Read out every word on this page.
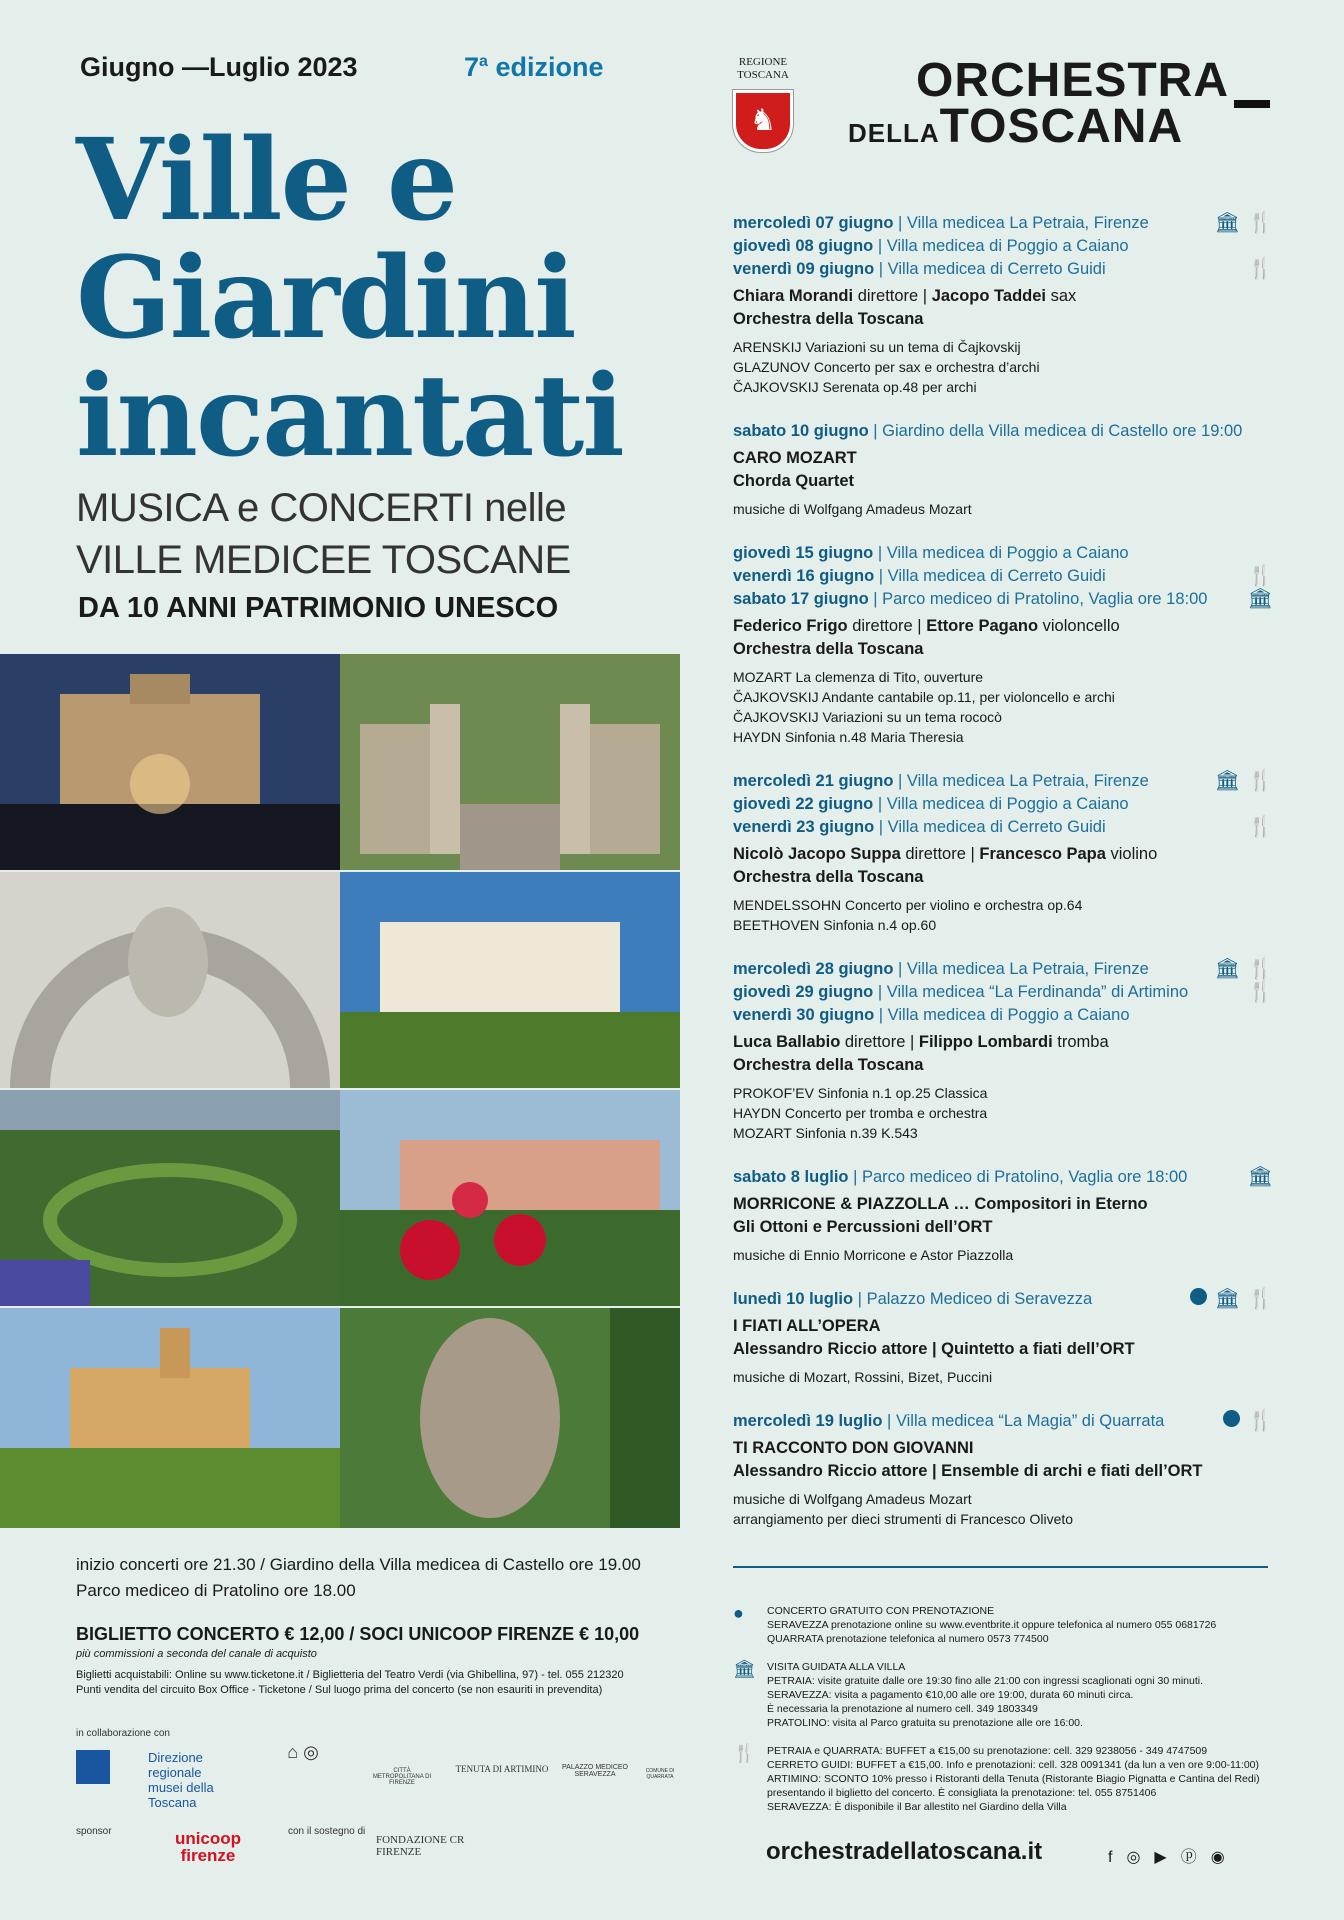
Giugno —Luglio 2023	7$^a$ edizione
Ville e
Giardini
incantati
MUSICA e CONCERTI nelle
VILLE MEDICEE TOSCANE
DA 10 ANNI PATRIMONIO UNESCO
REGIONE
TOSCANA
♞
ORCHESTRA
DELLATOSCANA
mercoledì 07 giugno | Villa medicea La Petraia, Firenze	🏛 🍴
giovedì 08 giugno | Villa medicea di Poggio a Caiano
venerdì 09 giugno | Villa medicea di Cerreto Guidi	🍴
Chiara Morandi direttore | Jacopo Taddei sax
Orchestra della Toscana
ARENSKIJ Variazioni su un tema di Čajkovskij
GLAZUNOV Concerto per sax e orchestra d’archi
ČAJKOVSKIJ Serenata op.48 per archi
sabato 10 giugno | Giardino della Villa medicea di Castello ore 19:00
CARO MOZART
Chorda Quartet
musiche di Wolfgang Amadeus Mozart
giovedì 15 giugno | Villa medicea di Poggio a Caiano
venerdì 16 giugno | Villa medicea di Cerreto Guidi	🍴
sabato 17 giugno | Parco mediceo di Pratolino, Vaglia ore 18:00	🏛
Federico Frigo direttore | Ettore Pagano violoncello
Orchestra della Toscana
MOZART La clemenza di Tito, ouverture
ČAJKOVSKIJ Andante cantabile op.11, per violoncello e archi
ČAJKOVSKIJ Variazioni su un tema rococò
HAYDN Sinfonia n.48 Maria Theresia
mercoledì 21 giugno | Villa medicea La Petraia, Firenze	🏛 🍴
giovedì 22 giugno | Villa medicea di Poggio a Caiano
venerdì 23 giugno | Villa medicea di Cerreto Guidi	🍴
Nicolò Jacopo Suppa direttore | Francesco Papa violino
Orchestra della Toscana
MENDELSSOHN Concerto per violino e orchestra op.64
BEETHOVEN Sinfonia n.4 op.60
mercoledì 28 giugno | Villa medicea La Petraia, Firenze	🏛 🍴
giovedì 29 giugno | Villa medicea “La Ferdinanda” di Artimino	🍴
venerdì 30 giugno | Villa medicea di Poggio a Caiano
Luca Ballabio direttore | Filippo Lombardi tromba
Orchestra della Toscana
PROKOF’EV Sinfonia n.1 op.25 Classica
HAYDN Concerto per tromba e orchestra
MOZART Sinfonia n.39 K.543
sabato 8 luglio | Parco mediceo di Pratolino, Vaglia ore 18:00	🏛
MORRICONE & PIAZZOLLA … Compositori in Eterno
Gli Ottoni e Percussioni dell’ORT
musiche di Ennio Morricone e Astor Piazzolla
lunedì 10 luglio | Palazzo Mediceo di Seravezza	🏛 🍴
I FIATI ALL’OPERA
Alessandro Riccio attore | Quintetto a fiati dell’ORT
musiche di Mozart, Rossini, Bizet, Puccini
mercoledì 19 luglio | Villa medicea “La Magia” di Quarrata	🍴
TI RACCONTO DON GIOVANNI
Alessandro Riccio attore | Ensemble di archi e fiati dell’ORT
musiche di Wolfgang Amadeus Mozart
arrangiamento per dieci strumenti di Francesco Oliveto
● CONCERTO GRATUITO CON PRENOTAZIONE
SERAVEZZA prenotazione online su www.eventbrite.it oppure telefonica al numero 055 0681726
QUARRATA prenotazione telefonica al numero 0573 774500
🏛 VISITA GUIDATA ALLA VILLA
PETRAIA: visite gratuite dalle ore 19:30 fino alle 21:00 con ingressi scaglionati ogni 30 minuti.
SERAVEZZA: visita a pagamento €10,00 alle ore 19:00, durata 60 minuti circa.
È necessaria la prenotazione al numero cell. 349 1803349
PRATOLINO: visita al Parco gratuita su prenotazione alle ore 16:00.
🍴 PETRAIA e QUARRATA: BUFFET a €15,00 su prenotazione: cell. 329 9238056 - 349 4747509
CERRETO GUIDI: BUFFET a €15,00. Info e prenotazioni: cell. 328 0091341 (da lun a ven ore 9:00-11:00)
ARTIMINO: SCONTO 10% presso i Ristoranti della Tenuta (Ristorante Biagio Pignatta e Cantina del Redi)
presentando il biglietto del concerto. È consigliata la prenotazione: tel. 055 8751406
SERAVEZZA: È disponibile il Bar allestito nel Giardino della Villa
orchestradellatoscana.it	f◎▶ⓟ◉
inizio concerti ore 21.30 / Giardino della Villa medicea di Castello ore 19.00
Parco mediceo di Pratolino ore 18.00
BIGLIETTO CONCERTO € 12,00 / SOCI UNICOOP FIRENZE € 10,00
più commissioni a seconda del canale di acquisto
Biglietti acquistabili: Online su www.ticketone.it / Biglietteria del Teatro Verdi (via Ghibellina, 97) - tel. 055 212320
Punti vendita del circuito Box Office - Ticketone / Sul luogo prima del concerto (se non esauriti in prevendita)
in collaborazione con
Direzione regionale musei della Toscana
⌂ ◎
CITTÀ METROPOLITANA DI FIRENZE
TENUTA DI ARTIMINO	PALAZZO MEDICEO SERAVEZZA	COMUNE DI QUARRATA
sponsor	unicoop firenze
con il sostegno di
FONDAZIONE CR FIRENZE
